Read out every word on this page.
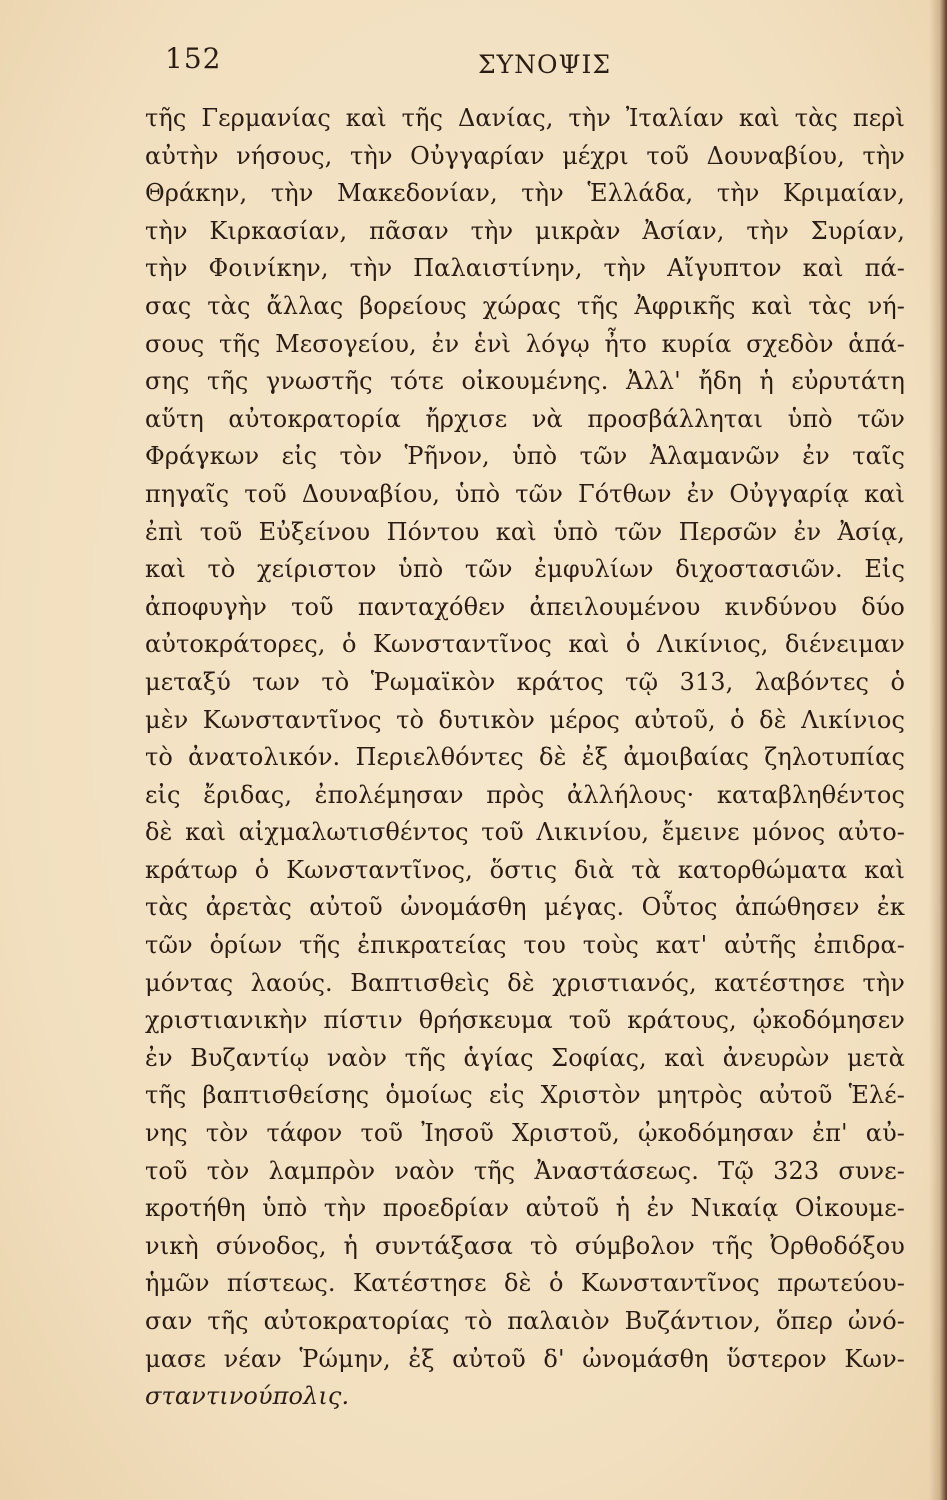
152	ΣΥΝΟΨΙΣ
τῆς Γερμανίας καὶ τῆς Δανίας, τὴν Ἰταλίαν καὶ τὰς περὶ
αὐτὴν νήσους, τὴν Οὐγγαρίαν μέχρι τοῦ Δουναβίου, τὴν
Θράκην, τὴν Μακεδονίαν, τὴν Ἑλλάδα, τὴν Κριμαίαν,
τὴν Κιρκασίαν, πᾶσαν τὴν μικρὰν Ἀσίαν, τὴν Συρίαν,
τὴν Φοινίκην, τὴν Παλαιστίνην, τὴν Αἴγυπτον καὶ πά-
σας τὰς ἄλλας βορείους χώρας τῆς Ἀφρικῆς καὶ τὰς νή-
σους τῆς Μεσογείου, ἐν ἑνὶ λόγῳ ἦτο κυρία σχεδὸν ἁπά-
σης τῆς γνωστῆς τότε οἰκουμένης. Ἀλλ' ἤδη ἡ εὐρυτάτη
αὕτη αὐτοκρατορία ἤρχισε νὰ προσβάλληται ὑπὸ τῶν
Φράγκων εἰς τὸν Ῥῆνον, ὑπὸ τῶν Ἀλαμανῶν ἐν ταῖς
πηγαῖς τοῦ Δουναβίου, ὑπὸ τῶν Γότθων ἐν Οὐγγαρίᾳ καὶ
ἐπὶ τοῦ Εὐξείνου Πόντου καὶ ὑπὸ τῶν Περσῶν ἐν Ἀσίᾳ,
καὶ τὸ χείριστον ὑπὸ τῶν ἐμφυλίων διχοστασιῶν. Εἰς
ἀποφυγὴν τοῦ πανταχόθεν ἀπειλουμένου κινδύνου δύο
αὐτοκράτορες, ὁ Κωνσταντῖνος καὶ ὁ Λικίνιος, διένειμαν
μεταξύ των τὸ Ῥωμαϊκὸν κράτος τῷ 313, λαβόντες ὁ
μὲν Κωνσταντῖνος τὸ δυτικὸν μέρος αὐτοῦ, ὁ δὲ Λικίνιος
τὸ ἀνατολικόν. Περιελθόντες δὲ ἐξ ἀμοιβαίας ζηλοτυπίας
εἰς ἔριδας, ἐπολέμησαν πρὸς ἀλλήλους· καταβληθέντος
δὲ καὶ αἰχμαλωτισθέντος τοῦ Λικινίου, ἔμεινε μόνος αὐτο-
κράτωρ ὁ Κωνσταντῖνος, ὅστις διὰ τὰ κατορθώματα καὶ
τὰς ἀρετὰς αὐτοῦ ὠνομάσθη μέγας. Οὗτος ἀπώθησεν ἐκ
τῶν ὁρίων τῆς ἐπικρατείας του τοὺς κατ' αὐτῆς ἐπιδρα-
μόντας λαούς. Βαπτισθεὶς δὲ χριστιανός, κατέστησε τὴν
χριστιανικὴν πίστιν θρήσκευμα τοῦ κράτους, ᾠκοδόμησεν
ἐν Βυζαντίῳ ναὸν τῆς ἁγίας Σοφίας, καὶ ἀνευρὼν μετὰ
τῆς βαπτισθείσης ὁμοίως εἰς Χριστὸν μητρὸς αὐτοῦ Ἑλέ-
νης τὸν τάφον τοῦ Ἰησοῦ Χριστοῦ, ᾠκοδόμησαν ἐπ' αὐ-
τοῦ τὸν λαμπρὸν ναὸν τῆς Ἀναστάσεως. Τῷ 323 συνε-
κροτήθη ὑπὸ τὴν προεδρίαν αὐτοῦ ἡ ἐν Νικαίᾳ Οἰκουμε-
νικὴ σύνοδος, ἡ συντάξασα τὸ σύμβολον τῆς Ὀρθοδόξου
ἡμῶν πίστεως. Κατέστησε δὲ ὁ Κωνσταντῖνος πρωτεύου-
σαν τῆς αὐτοκρατορίας τὸ παλαιὸν Βυζάντιον, ὅπερ ὠνό-
μασε νέαν Ῥώμην, ἐξ αὐτοῦ δ' ὠνομάσθη ὕστερον Κων-
σταντινούπολις.
